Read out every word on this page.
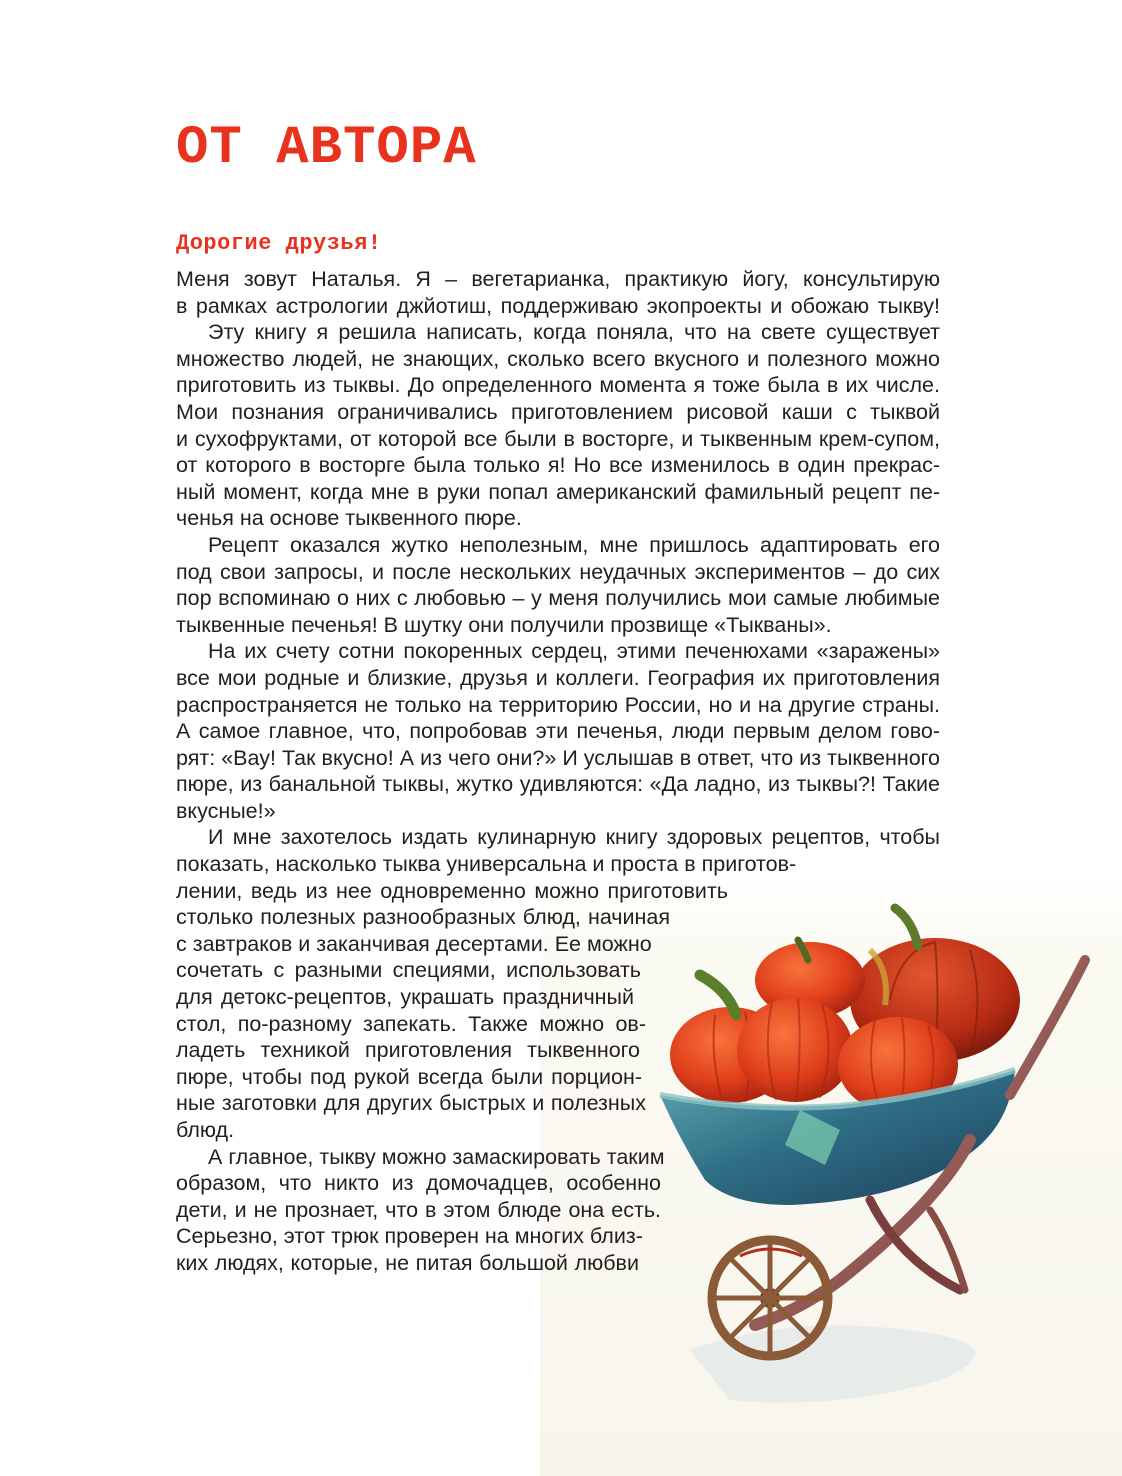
ОТ АВТОРА
Дорогие друзья!
Меня зовут Наталья. Я – вегетарианка, практикую йогу, консультирую
в рамках астрологии джйотиш, поддерживаю экопроекты и обожаю тыкву!
Эту книгу я решила написать, когда поняла, что на свете существует
множество людей, не знающих, сколько всего вкусного и полезного можно
приготовить из тыквы. До определенного момента я тоже была в их числе.
Мои познания ограничивались приготовлением рисовой каши с тыквой
и сухофруктами, от которой все были в восторге, и тыквенным крем-супом,
от которого в восторге была только я! Но все изменилось в один прекрас-
ный момент, когда мне в руки попал американский фамильный рецепт пе-
ченья на основе тыквенного пюре.
Рецепт оказался жутко неполезным, мне пришлось адаптировать его
под свои запросы, и после нескольких неудачных экспериментов – до сих
пор вспоминаю о них с любовью – у меня получились мои самые любимые
тыквенные печенья! В шутку они получили прозвище «Тыкваны».
На их счету сотни покоренных сердец, этими печенюхами «заражены»
все мои родные и близкие, друзья и коллеги. География их приготовления
распространяется не только на территорию России, но и на другие страны.
А самое главное, что, попробовав эти печенья, люди первым делом гово-
рят: «Вау! Так вкусно! А из чего они?» И услышав в ответ, что из тыквенного
пюре, из банальной тыквы, жутко удивляются: «Да ладно, из тыквы?! Такие
вкусные!»
И мне захотелось издать кулинарную книгу здоровых рецептов, чтобы
показать, насколько тыква универсальна и проста в приготов-
лении, ведь из нее одновременно можно приготовить
столько полезных разнообразных блюд, начиная
с завтраков и заканчивая десертами. Ее можно
сочетать с разными специями, использовать
для детокс-рецептов, украшать праздничный
стол, по-разному запекать. Также можно ов-
ладеть техникой приготовления тыквенного
пюре, чтобы под рукой всегда были порцион-
ные заготовки для других быстрых и полезных
блюд.
А главное, тыкву можно замаскировать таким
образом, что никто из домочадцев, особенно
дети, и не прознает, что в этом блюде она есть.
Серьезно, этот трюк проверен на многих близ-
ких людях, которые, не питая большой любви
